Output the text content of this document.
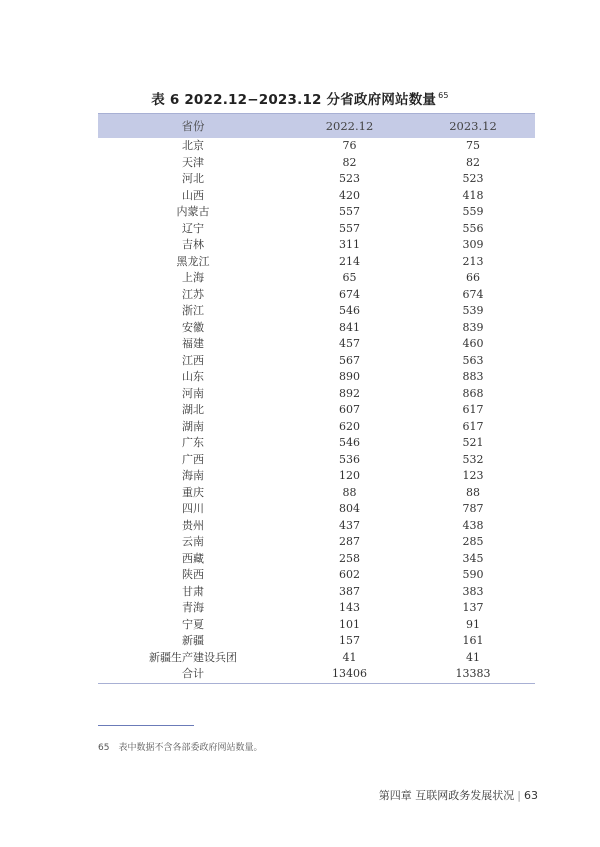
表 6 2022.12−2023.12 分省政府网站数量 $^{65}$
省份	2022.12	2023.12
北京	76	75
天津	82	82
河北	523	523
山西	420	418
内蒙古	557	559
辽宁	557	556
吉林	311	309
黑龙江	214	213
上海	65	66
江苏	674	674
浙江	546	539
安徽	841	839
福建	457	460
江西	567	563
山东	890	883
河南	892	868
湖北	607	617
湖南	620	617
广东	546	521
广西	536	532
海南	120	123
重庆	88	88
四川	804	787
贵州	437	438
云南	287	285
西藏	258	345
陕西	602	590
甘肃	387	383
青海	143	137
宁夏	101	91
新疆	157	161
新疆生产建设兵团	41	41
合计	13406	13383
65 表中数据不含各部委政府网站数量。
第四章 互联网政务发展状况 | 63
